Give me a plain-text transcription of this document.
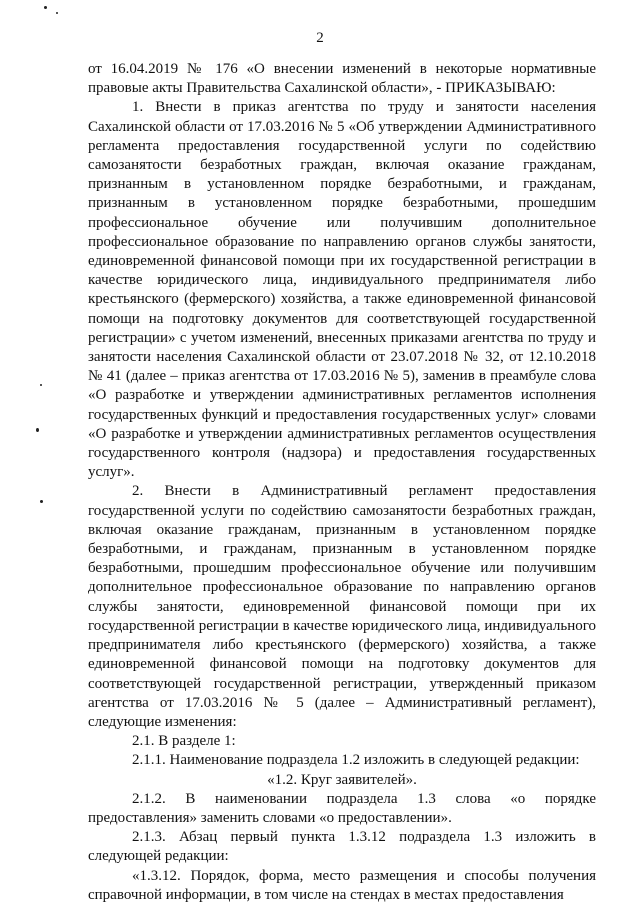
2

от 16.04.2019 № 176 «О внесении изменений в некоторые нормативные правовые акты Правительства Сахалинской области», - ПРИКАЗЫВАЮ:

1. Внести в приказ агентства по труду и занятости населения Сахалинской области от 17.03.2016 № 5 «Об утверждении Административного регламента предоставления государственной услуги по содействию самозанятости безработных граждан, включая оказание гражданам, признанным в установленном порядке безработными, и гражданам, признанным в установленном порядке безработными, прошедшим профессиональное обучение или получившим дополнительное профессиональное образование по направлению органов службы занятости, единовременной финансовой помощи при их государственной регистрации в качестве юридического лица, индивидуального предпринимателя либо крестьянского (фермерского) хозяйства, а также единовременной финансовой помощи на подготовку документов для соответствующей государственной регистрации» с учетом изменений, внесенных приказами агентства по труду и занятости населения Сахалинской области от 23.07.2018 № 32, от 12.10.2018 № 41 (далее – приказ агентства от 17.03.2016 № 5), заменив в преамбуле слова «О разработке и утверждении административных регламентов исполнения государственных функций и предоставления государственных услуг» словами «О разработке и утверждении административных регламентов осуществления государственного контроля (надзора) и предоставления государственных услуг».

2. Внести в Административный регламент предоставления государственной услуги по содействию самозанятости безработных граждан, включая оказание гражданам, признанным в установленном порядке безработными, и гражданам, признанным в установленном порядке безработными, прошедшим профессиональное обучение или получившим дополнительное профессиональное образование по направлению органов службы занятости, единовременной финансовой помощи при их государственной регистрации в качестве юридического лица, индивидуального предпринимателя либо крестьянского (фермерского) хозяйства, а также единовременной финансовой помощи на подготовку документов для соответствующей государственной регистрации, утвержденный приказом агентства от 17.03.2016 № 5 (далее – Административный регламент), следующие изменения:

2.1. В разделе 1:

2.1.1. Наименование подраздела 1.2 изложить в следующей редакции:

«1.2. Круг заявителей».

2.1.2. В наименовании подраздела 1.3 слова «о порядке предоставления» заменить словами «о предоставлении».

2.1.3. Абзац первый пункта 1.3.12 подраздела 1.3 изложить в следующей редакции:

«1.3.12. Порядок, форма, место размещения и способы получения справочной информации, в том числе на стендах в местах предоставления
